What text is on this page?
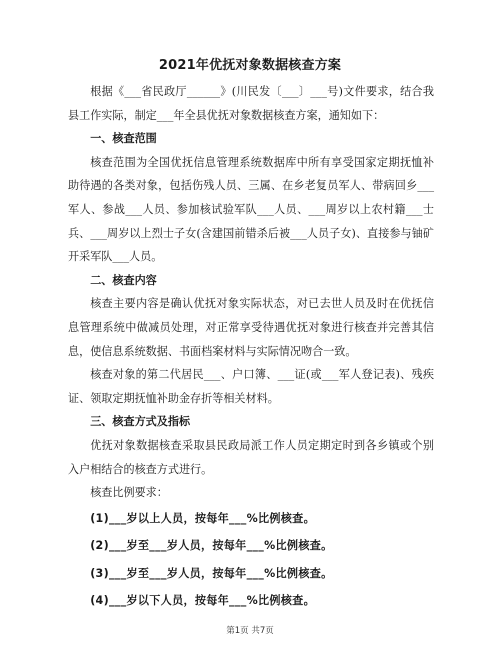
2021年优抚对象数据核查方案

根据《___省民政厅______》(川民发〔___〕___号)文件要求，结合我县工作实际，制定___年全县优抚对象数据核查方案，通知如下：

一、核查范围

核查范围为全国优抚信息管理系统数据库中所有享受国家定期抚恤补助待遇的各类对象，包括伤残人员、三属、在乡老复员军人、带病回乡___军人、参战___人员、参加核试验军队___人员、___周岁以上农村籍___士兵、___周岁以上烈士子女(含建国前错杀后被___人员子女)、直接参与铀矿开采军队___人员。

二、核查内容

核查主要内容是确认优抚对象实际状态，对已去世人员及时在优抚信息管理系统中做减员处理，对正常享受待遇优抚对象进行核查并完善其信息，使信息系统数据、书面档案材料与实际情况吻合一致。

核查对象的第二代居民___、户口簿、___证(或___军人登记表)、残疾证、领取定期抚恤补助金存折等相关材料。

三、核查方式及指标

优抚对象数据核查采取县民政局派工作人员定期定时到各乡镇或个别入户相结合的核查方式进行。

核查比例要求：

(1)___岁以上人员，按每年___%比例核查。
(2)___岁至___岁人员，按每年___%比例核查。
(3)___岁至___岁人员，按每年___%比例核查。
(4)___岁以下人员，按每年___%比例核查。
第1页 共7页
